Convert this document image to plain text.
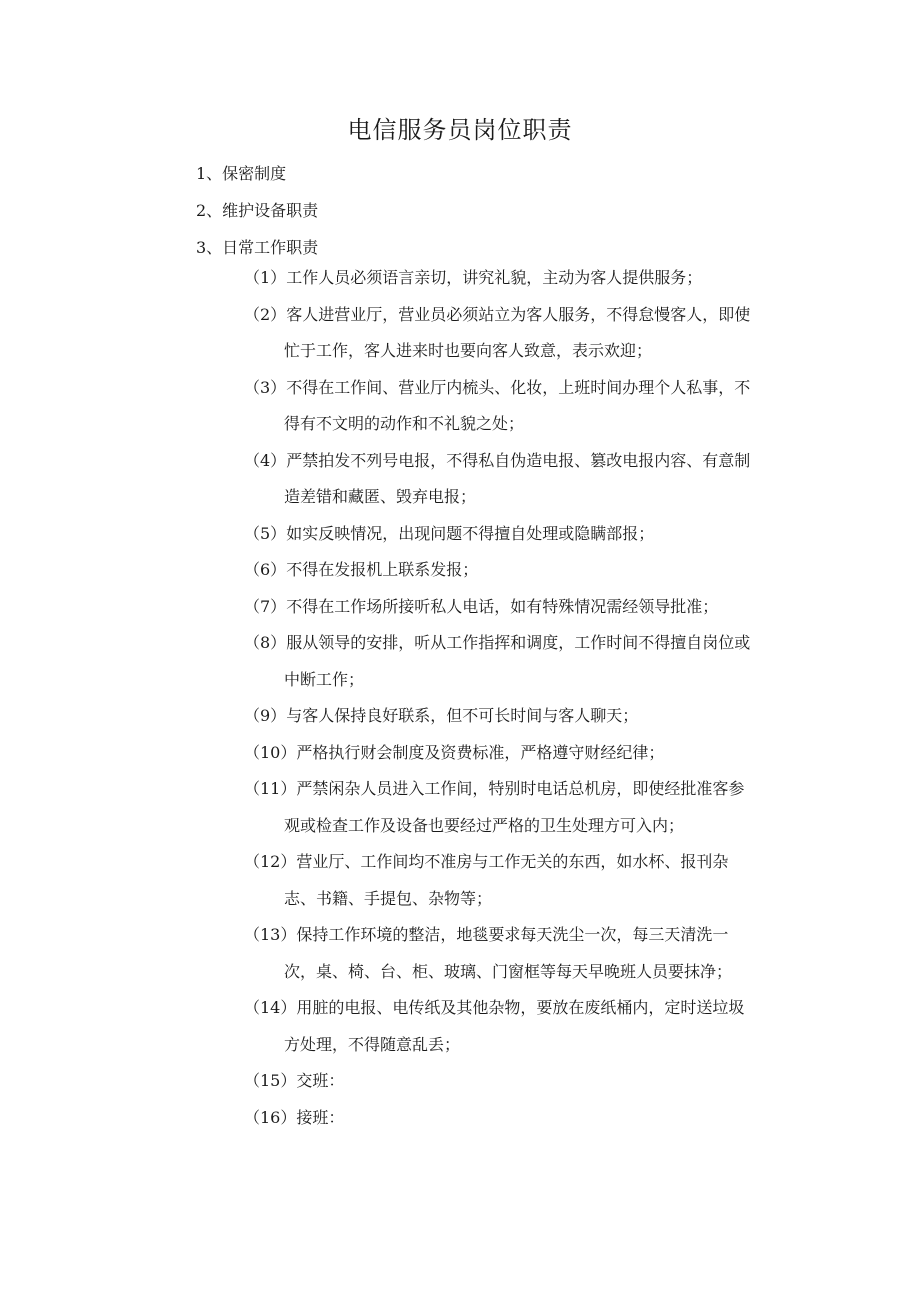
电信服务员岗位职责
1、保密制度
2、维护设备职责
3、日常工作职责
（1） 工作人员必须语言亲切，讲究礼貌，主动为客人提供服务；
（2） 客人进营业厅，营业员必须站立为客人服务，不得怠慢客人，即使
忙于工作，客人进来时也要向客人致意，表示欢迎；
（3） 不得在工作间、营业厅内梳头、化妆，上班时间办理个人私事，不
得有不文明的动作和不礼貌之处；
（4） 严禁拍发不列号电报，不得私自伪造电报、篡改电报内容、有意制
造差错和藏匿、毁弃电报；
（5） 如实反映情况，出现问题不得擅自处理或隐瞒部报；
（6） 不得在发报机上联系发报；
（7） 不得在工作场所接听私人电话，如有特殊情况需经领导批准；
（8） 服从领导的安排，听从工作指挥和调度，工作时间不得擅自岗位或
中断工作；
（9） 与客人保持良好联系，但不可长时间与客人聊天；
（10） 严格执行财会制度及资费标准，严格遵守财经纪律；
（11） 严禁闲杂人员进入工作间，特别时电话总机房，即使经批准客参
观或检查工作及设备也要经过严格的卫生处理方可入内；
（12） 营业厅、工作间均不准房与工作无关的东西，如水杯、报刊杂
志、书籍、手提包、杂物等；
（13） 保持工作环境的整洁，地毯要求每天洗尘一次，每三天清洗一
次，桌、椅、台、柜、玻璃、门窗框等每天早晚班人员要抹净；
（14） 用脏的电报、电传纸及其他杂物，要放在废纸桶内，定时送垃圾
方处理，不得随意乱丢；
（15） 交班：
（16） 接班：
